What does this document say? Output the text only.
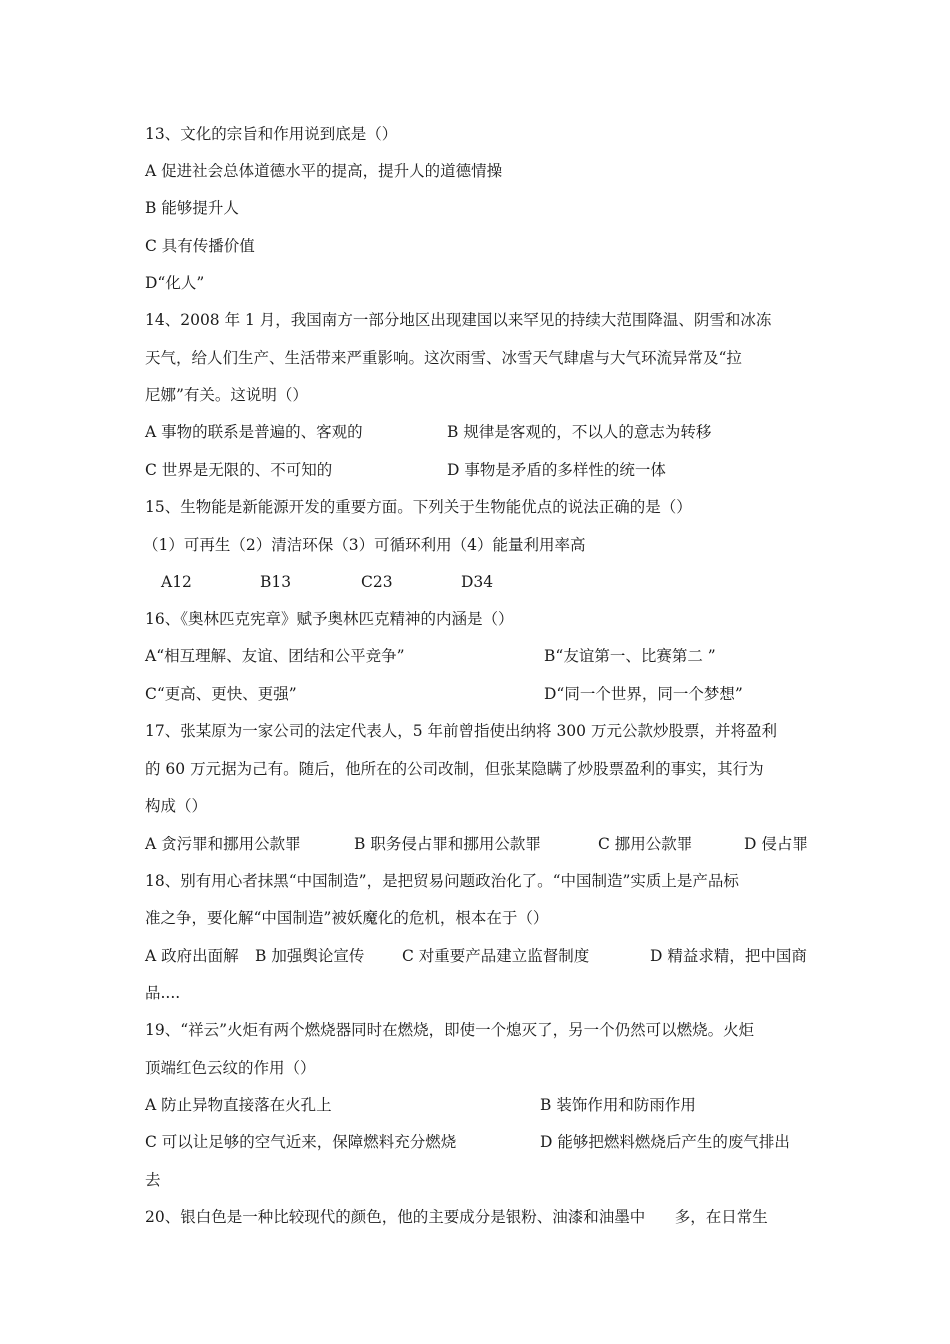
13、文化的宗旨和作用说到底是（）
A 促进社会总体道德水平的提高，提升人的道德情操
B 能够提升人
C 具有传播价值
D“化人”
14、2008 年 1 月，我国南方一部分地区出现建国以来罕见的持续大范围降温、阴雪和冰冻
天气，给人们生产、生活带来严重影响。这次雨雪、冰雪天气肆虐与大气环流异常及“拉
尼娜”有关。这说明（）
A 事物的联系是普遍的、客观的	B 规律是客观的，不以人的意志为转移
C 世界是无限的、不可知的	D 事物是矛盾的多样性的统一体
15、生物能是新能源开发的重要方面。下列关于生物能优点的说法正确的是（）
（1）可再生（2）清洁环保（3）可循环利用（4）能量利用率高
A12	B13	C23	D34
16、《奥林匹克宪章》赋予奥林匹克精神的内涵是（）
A“相互理解、友谊、团结和公平竞争”	B“友谊第一、比赛第二 ”
C“更高、更快、更强”	D“同一个世界，同一个梦想”
17、张某原为一家公司的法定代表人，5 年前曾指使出纳将 300 万元公款炒股票，并将盈利
的 60 万元据为己有。随后，他所在的公司改制，但张某隐瞒了炒股票盈利的事实，其行为
构成（）
A 贪污罪和挪用公款罪	B 职务侵占罪和挪用公款罪	C 挪用公款罪	D 侵占罪
18、别有用心者抹黑“中国制造”，是把贸易问题政治化了。“中国制造”实质上是产品标
准之争，要化解“中国制造”被妖魔化的危机，根本在于（）
A 政府出面解 B 加强舆论宣传 C 对重要产品建立监督制度	D 精益求精，把中国商
品....
19、“祥云”火炬有两个燃烧器同时在燃烧，即使一个熄灭了，另一个仍然可以燃烧。火炬
顶端红色云纹的作用（）
A 防止异物直接落在火孔上	B 装饰作用和防雨作用
C 可以让足够的空气近来，保障燃料充分燃烧	D 能够把燃料燃烧后产生的废气排出
去
20、银白色是一种比较现代的颜色，他的主要成分是银粉、油漆和油墨中      多，在日常生
